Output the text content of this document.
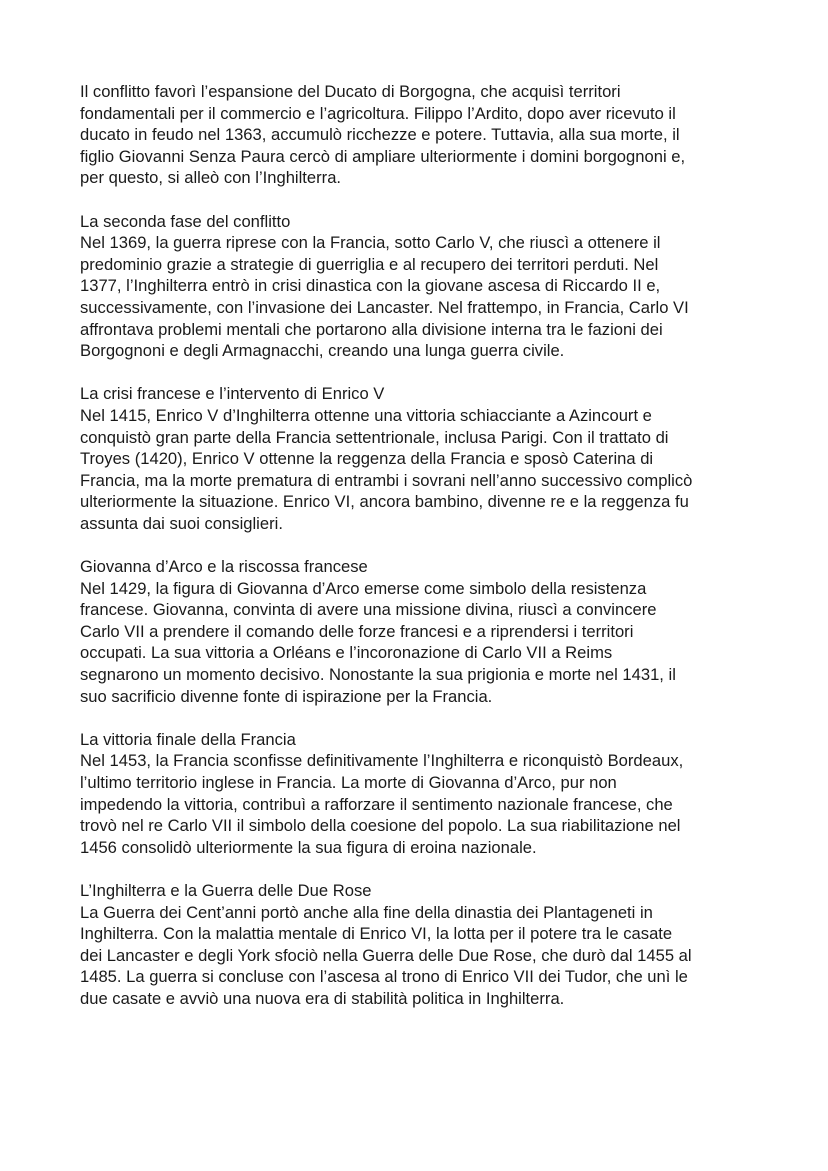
Il conflitto favorì l’espansione del Ducato di Borgogna, che acquisì territori
fondamentali per il commercio e l’agricoltura. Filippo l’Ardito, dopo aver ricevuto il
ducato in feudo nel 1363, accumulò ricchezze e potere. Tuttavia, alla sua morte, il
figlio Giovanni Senza Paura cercò di ampliare ulteriormente i domini borgognoni e,
per questo, si alleò con l’Inghilterra.

La seconda fase del conflitto

Nel 1369, la guerra riprese con la Francia, sotto Carlo V, che riuscì a ottenere il
predominio grazie a strategie di guerriglia e al recupero dei territori perduti. Nel
1377, l’Inghilterra entrò in crisi dinastica con la giovane ascesa di Riccardo II e,
successivamente, con l’invasione dei Lancaster. Nel frattempo, in Francia, Carlo VI
affrontava problemi mentali che portarono alla divisione interna tra le fazioni dei
Borgognoni e degli Armagnacchi, creando una lunga guerra civile.

La crisi francese e l’intervento di Enrico V

Nel 1415, Enrico V d’Inghilterra ottenne una vittoria schiacciante a Azincourt e
conquistò gran parte della Francia settentrionale, inclusa Parigi. Con il trattato di
Troyes (1420), Enrico V ottenne la reggenza della Francia e sposò Caterina di
Francia, ma la morte prematura di entrambi i sovrani nell’anno successivo complicò
ulteriormente la situazione. Enrico VI, ancora bambino, divenne re e la reggenza fu
assunta dai suoi consiglieri.

Giovanna d’Arco e la riscossa francese

Nel 1429, la figura di Giovanna d’Arco emerse come simbolo della resistenza
francese. Giovanna, convinta di avere una missione divina, riuscì a convincere
Carlo VII a prendere il comando delle forze francesi e a riprendersi i territori
occupati. La sua vittoria a Orléans e l’incoronazione di Carlo VII a Reims
segnarono un momento decisivo. Nonostante la sua prigionia e morte nel 1431, il
suo sacrificio divenne fonte di ispirazione per la Francia.

La vittoria finale della Francia

Nel 1453, la Francia sconfisse definitivamente l’Inghilterra e riconquistò Bordeaux,
l’ultimo territorio inglese in Francia. La morte di Giovanna d’Arco, pur non
impedendo la vittoria, contribuì a rafforzare il sentimento nazionale francese, che
trovò nel re Carlo VII il simbolo della coesione del popolo. La sua riabilitazione nel
1456 consolidò ulteriormente la sua figura di eroina nazionale.

L’Inghilterra e la Guerra delle Due Rose

La Guerra dei Cent’anni portò anche alla fine della dinastia dei Plantageneti in
Inghilterra. Con la malattia mentale di Enrico VI, la lotta per il potere tra le casate
dei Lancaster e degli York sfociò nella Guerra delle Due Rose, che durò dal 1455 al
1485. La guerra si concluse con l’ascesa al trono di Enrico VII dei Tudor, che unì le
due casate e avviò una nuova era di stabilità politica in Inghilterra.
